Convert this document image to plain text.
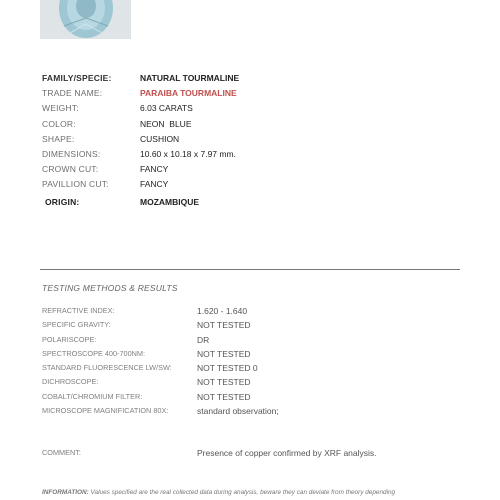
FAMILY/SPECIE:	NATURAL TOURMALINE
TRADE NAME:	PARAIBA TOURMALINE
WEIGHT:	6.03 CARATS
COLOR:	NEON  BLUE
SHAPE:	CUSHION
DIMENSIONS:	10.60 x 10.18 x 7.97 mm.
CROWN CUT:	FANCY
PAVILLION CUT:	FANCY
ORIGIN:	MOZAMBIQUE
TESTING METHODS & RESULTS
REFRACTIVE INDEX:	1.620 - 1.640
SPECIFIC GRAVITY:	NOT TESTED
POLARISCOPE:	DR
SPECTROSCOPE 400-700NM:	NOT TESTED
STANDARD FLUORESCENCE LW/SW:	NOT TESTED 0
DICHROSCOPE:	NOT TESTED
COBALT/CHROMIUM FILTER:	NOT TESTED
MICROSCOPE MAGNIFICATION 80X:	standard observation;
COMMENT:	Presence of copper confirmed by XRF analysis.
INFORMATION: Values specified are the real collected data during analysis, beware they can deviate from theory depending
